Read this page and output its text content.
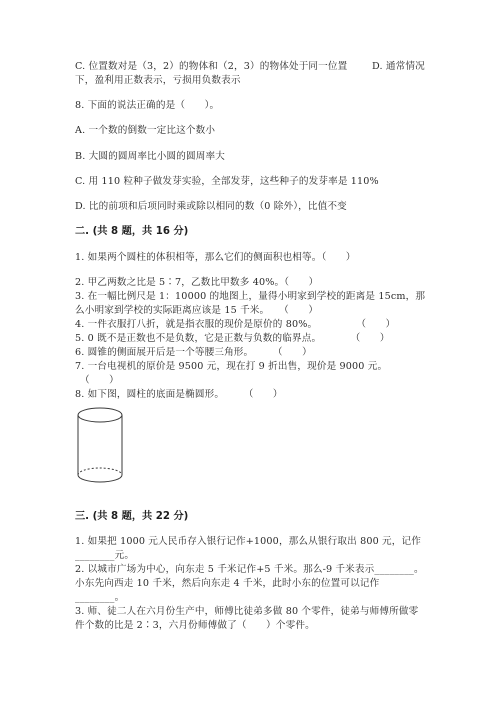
C. 位置数对是（3，2）的物体和（2，3）的物体处于同一位置	D. 通常情况
下，盈利用正数表示，亏损用负数表示
8. 下面的说法正确的是（　　）。
A. 一个数的倒数一定比这个数小
B. 大圆的圆周率比小圆的圆周率大
C. 用 110 粒种子做发芽实验，全部发芽，这些种子的发芽率是 110%
D. 比的前项和后项同时乘或除以相同的数（0 除外），比值不变
二. (共 8 题，共 16 分)
1. 如果两个圆柱的体积相等，那么它们的侧面积也相等。（　　）
2. 甲乙两数之比是 5∶7，乙数比甲数多 40%。（　　）
3. 在一幅比例尺是 1：10000 的地图上，量得小明家到学校的距离是 15cm，那
么小明家到学校的实际距离应该是 15 千米。　　（　　）
4. 一件衣服打八折，就是指衣服的现价是原价的 80%。　　　　　（　　）
5. 0 既不是正数也不是负数，它是正数与负数的临界点。　　　　（　　）
6. 圆锥的侧面展开后是一个等腰三角形。　　　（　　）
7. 一台电视机的原价是 9500 元，现在打 9 折出售，现价是 9000 元。
　（　　）
8. 如下图，圆柱的底面是椭圆形。　　　（　　）
三. (共 8 题，共 22 分)
1. 如果把 1000 元人民币存入银行记作+1000，那么从银行取出 800 元，记作
________元。
2. 以城市广场为中心，向东走 5 千米记作+5 千米。那么-9 千米表示________。
小东先向西走 10 千米，然后向东走 4 千米，此时小东的位置可以记作
________。
3. 师、徒二人在六月份生产中，师傅比徒弟多做 80 个零件，徒弟与师傅所做零
件个数的比是 2∶3，六月份师傅做了（　　）个零件。
